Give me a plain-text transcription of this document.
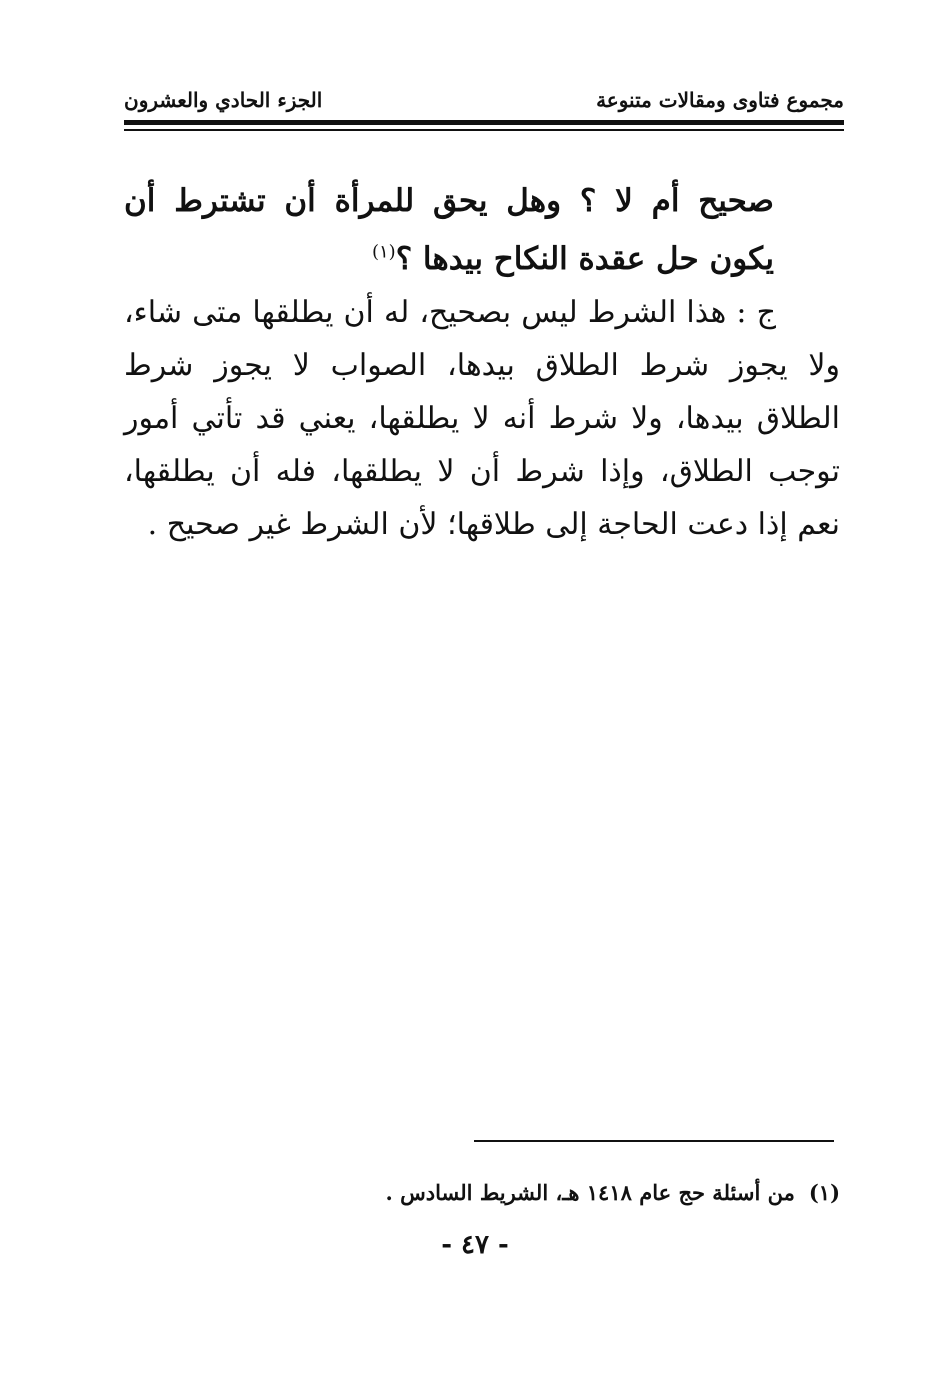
مجموع فتاوى ومقالات متنوعة
الجزء الحادي والعشرون
صحيح أم لا ؟ وهل يحق للمرأة أن تشترط أن يكون حل عقدة النكاح بيدها ؟$^{(١)}$
ج : هذا الشرط ليس بصحيح، له أن يطلقها متى شاء، ولا يجوز شرط الطلاق بيدها، الصواب لا يجوز شرط الطلاق بيدها، ولا شرط أنه لا يطلقها، يعني قد تأتي أمور توجب الطلاق، وإذا شرط أن لا يطلقها، فله أن يطلقها، نعم إذا دعت الحاجة إلى طلاقها؛ لأن الشرط غير صحيح .
(١)من أسئلة حج عام ١٤١٨ هـ، الشريط السادس .
- ٤٧ -
